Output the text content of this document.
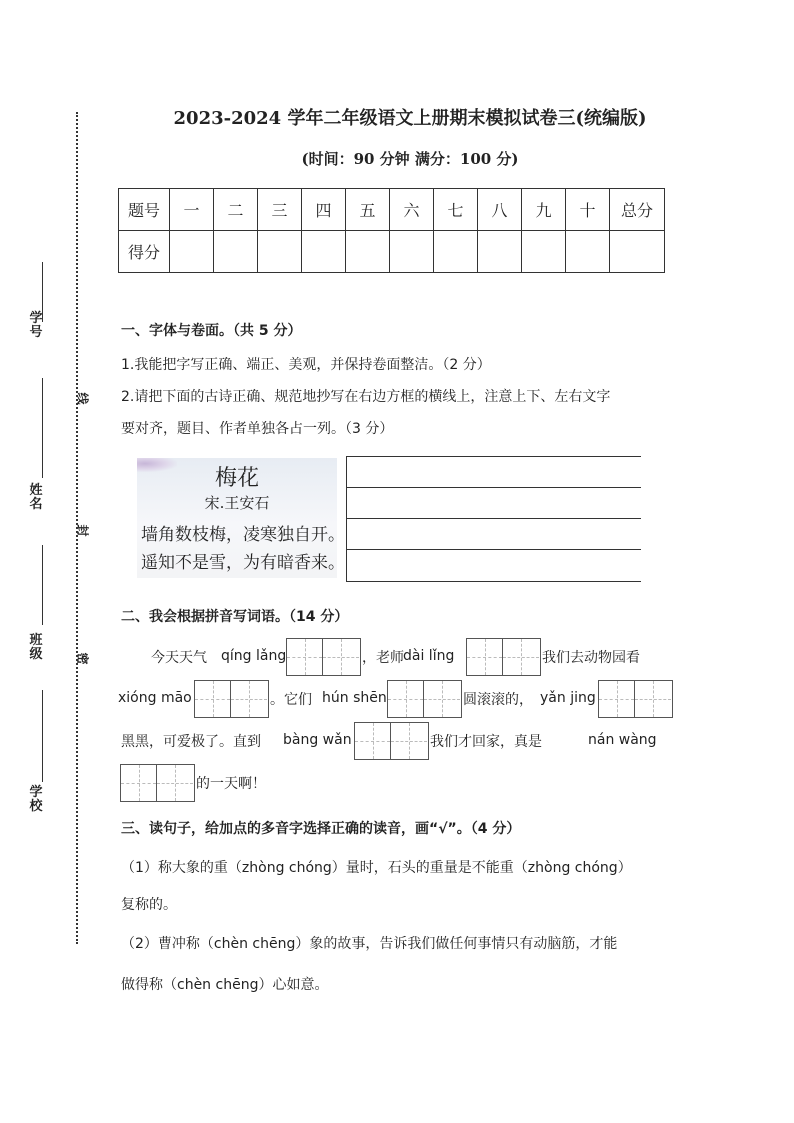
学号
姓名
班级
学校
线
封
密
2023-2024 学年二年级语文上册期末模拟试卷三(统编版)
(时间：90 分钟 满分：100 分)
题号	一	二	三	四	五	六	七	八	九	十	总分
得分											
一、字体与卷面。（共 5 分）
1.我能把字写正确、端正、美观，并保持卷面整洁。（2 分）
2.请把下面的古诗正确、规范地抄写在右边方框的横线上，注意上下、左右文字
要对齐，题目、作者单独各占一列。（3 分）
梅花
宋.王安石
墙角数枝梅，凌寒独自开。
遥知不是雪，为有暗香来。
二、我会根据拼音写词语。（14 分）
今天天气 qíng lǎng	，老师 dài lǐng	我们去动物园看
xióng māo	。它们 hún shēn	圆滚滚的， yǎn jing
黑黑，可爱极了。直到 bàng wǎn	我们才回家，真是	nán wàng
的一天啊！
三、读句子，给加点的多音字选择正确的读音，画“√”。（4 分）
（1）称大象的重（zhòng chóng）量时，石头的重量是不能重（zhòng chóng）
复称的。
（2）曹冲称（chèn chēng）象的故事，告诉我们做任何事情只有动脑筋，才能
做得称（chèn chēng）心如意。
